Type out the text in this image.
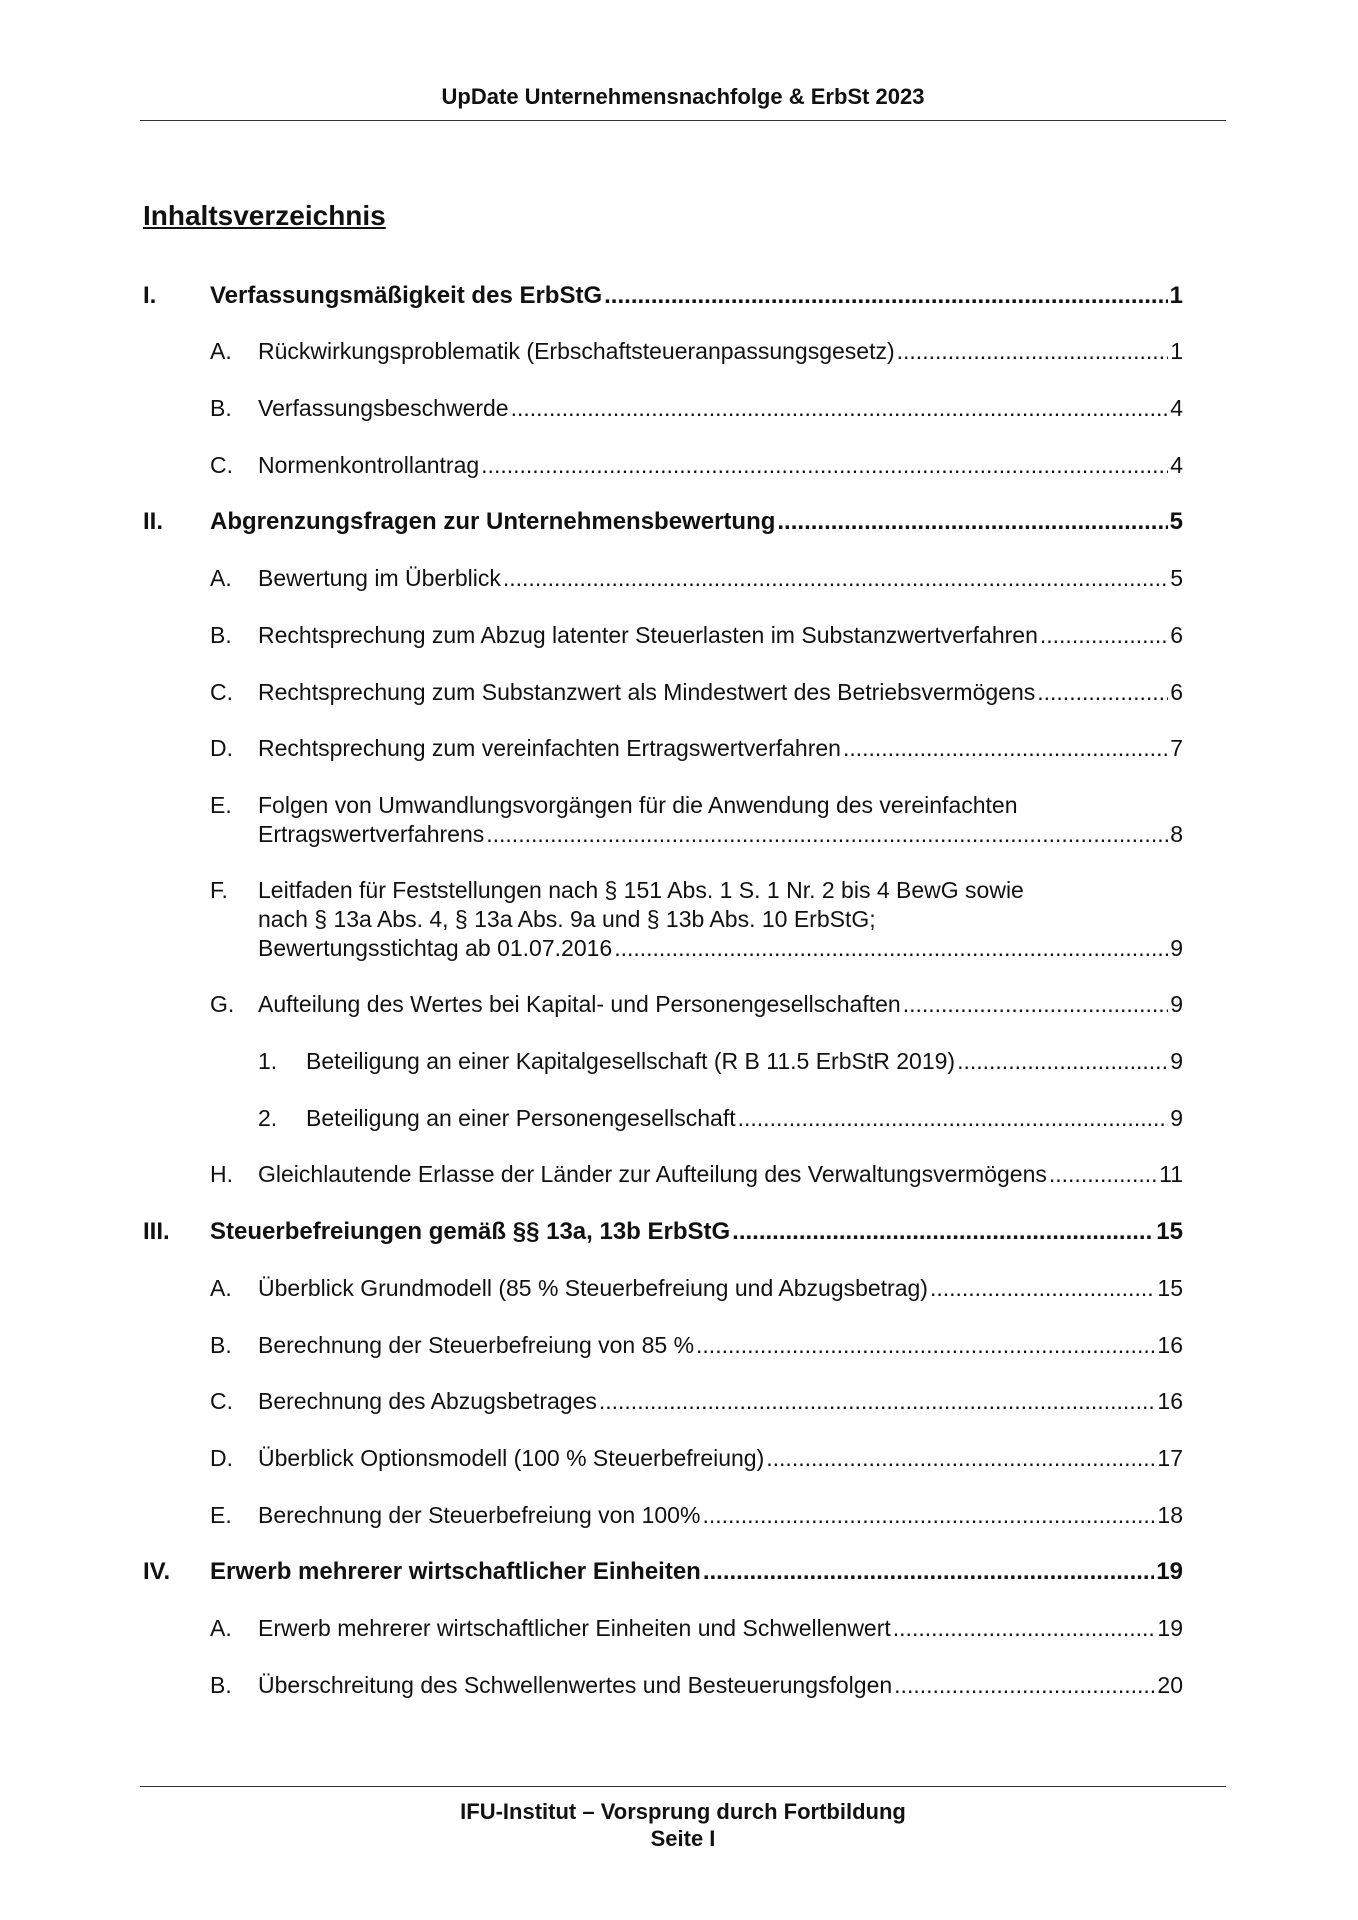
UpDate Unternehmensnachfolge & ErbSt 2023
Inhaltsverzeichnis
I. Verfassungsmäßigkeit des ErbStG .....	1
A. Rückwirkungsproblematik (Erbschaftsteueranpassungsgesetz) .....	1
B. Verfassungsbeschwerde .....	4
C. Normenkontrollantrag .....	4
II. Abgrenzungsfragen zur Unternehmensbewertung .....	5
A. Bewertung im Überblick .....	5
B. Rechtsprechung zum Abzug latenter Steuerlasten im Substanzwertverfahren .....	6
C. Rechtsprechung zum Substanzwert als Mindestwert des Betriebsvermögens .....	6
D. Rechtsprechung zum vereinfachten Ertragswertverfahren .....	7
E. Folgen von Umwandlungsvorgängen für die Anwendung des vereinfachten
Ertragswertverfahrens .....	8
F. Leitfaden für Feststellungen nach § 151 Abs. 1 S. 1 Nr. 2 bis 4 BewG sowie
nach § 13a Abs. 4, § 13a Abs. 9a und § 13b Abs. 10 ErbStG;
Bewertungsstichtag ab 01.07.2016 .....	9
G. Aufteilung des Wertes bei Kapital- und Personengesellschaften .....	9
1. Beteiligung an einer Kapitalgesellschaft (R B 11.5 ErbStR 2019) .....	9
2. Beteiligung an einer Personengesellschaft .....	9
H. Gleichlautende Erlasse der Länder zur Aufteilung des Verwaltungsvermögens .....	11
III. Steuerbefreiungen gemäß §§ 13a, 13b ErbStG .....	15
A. Überblick Grundmodell (85 % Steuerbefreiung und Abzugsbetrag) .....	15
B. Berechnung der Steuerbefreiung von 85 % .....	16
C. Berechnung des Abzugsbetrages .....	16
D. Überblick Optionsmodell (100 % Steuerbefreiung) .....	17
E. Berechnung der Steuerbefreiung von 100% .....	18
IV. Erwerb mehrerer wirtschaftlicher Einheiten .....	19
A. Erwerb mehrerer wirtschaftlicher Einheiten und Schwellenwert .....	19
B. Überschreitung des Schwellenwertes und Besteuerungsfolgen .....	20
IFU-Institut – Vorsprung durch Fortbildung
Seite I
